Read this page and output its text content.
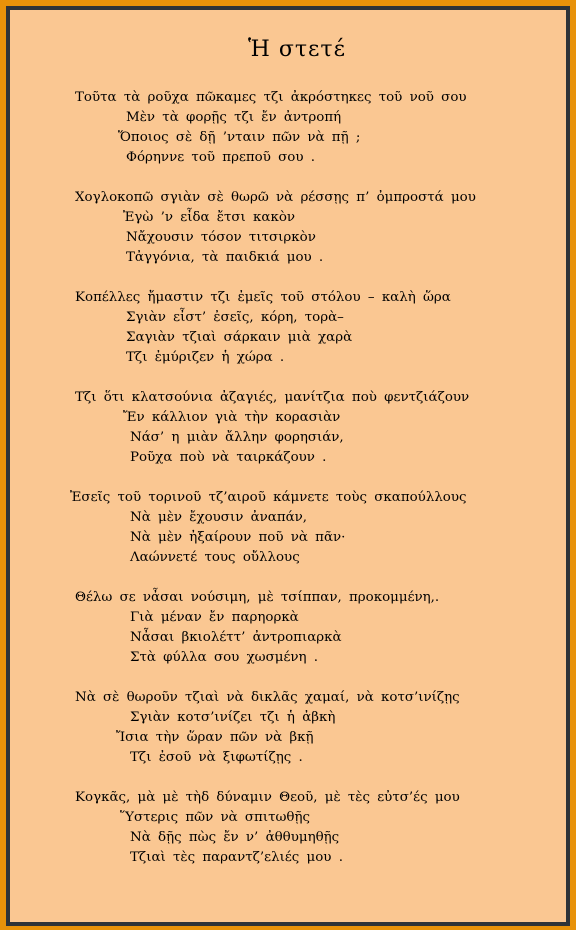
Ἡ στετέ
Τοῦτα τὰ ροῦχα πῶκαμες τζι ἀκρόστηκες τοῦ νοῦ σου
Μὲν τὰ φορῇς τζι ἔν ἀντροπή
Ὅποιος σὲ δῇ ’νταιν πῶν νὰ πῇ ;
Φόρηννε τοῦ πρεποῦ σου .
Χογλοκοπῶ σγιὰν σὲ θωρῶ νὰ ρέσσῃς π’ ὀμπροστά μου
Ἐγὼ ’ν εἶδα ἔτσι κακὸν
Νἄχουσιν τόσον τιτσιρκὸν
Τἀγγόνια, τὰ παιδκιά μου .
Κοπέλλες ἤμαστιν τζι ἐμεῖς τοῦ στόλου – καλὴ ὥρα
Σγιὰν εἶστ’ ἐσεῖς, κόρη, τορὰ–
Σαγιὰν τζιαὶ σάρκαιν μιὰ χαρὰ
Τζι ἐμύριζεν ἡ χώρα .
Τζι ὅτι κλατσούνια ἀζαγιές, μανίτζια ποὺ φεντζιάζουν
Ἔν κάλλιον γιὰ τὴν κορασιὰν
Νάσ’ η μιὰν ἄλλην φορησιάν,
Ροῦχα ποὺ νὰ ταιρκάζουν .
Ἐσεῖς τοῦ τορινοῦ τζ’αιροῦ κάμνετε τοὺς σκαπούλλους
Νὰ μὲν ἔχουσιν ἀναπάν,
Νὰ μὲν ἠξαίρουν ποῦ νὰ πᾶν·
Λαώννετέ τους οὔλλους
Θέλω σε νἆσαι νούσιμη, μὲ τσίππαν, προκομμένη,.
Γιὰ μέναν ἔν παρηορκὰ
Νἆσαι βκιολέττ’ ἀντροπιαρκὰ
Στὰ φύλλα σου χωσμένη .
Νὰ σὲ θωροῦν τζιαὶ νὰ δικλᾶς χαμαί, νὰ κοτσ’ινίζῃς
Σγιὰν κοτσ’ινίζει τζι ἡ ἀβκὴ
Ἴσια τὴν ὥραν πῶν νὰ βκῇ
Τζι ἐσοῦ νὰ ξιφωτίζῃς .
Κογκᾶς, μὰ μὲ τὴδ δύναμιν Θεοῦ, μὲ τὲς εὐτσ’ές μου
Ὕστερις πῶν νὰ σπιτωθῇς
Νὰ δῇς πὼς ἔν ν’ ἀθθυμηθῇς
Τζιαὶ τὲς παραντζ’ελιές μου .
